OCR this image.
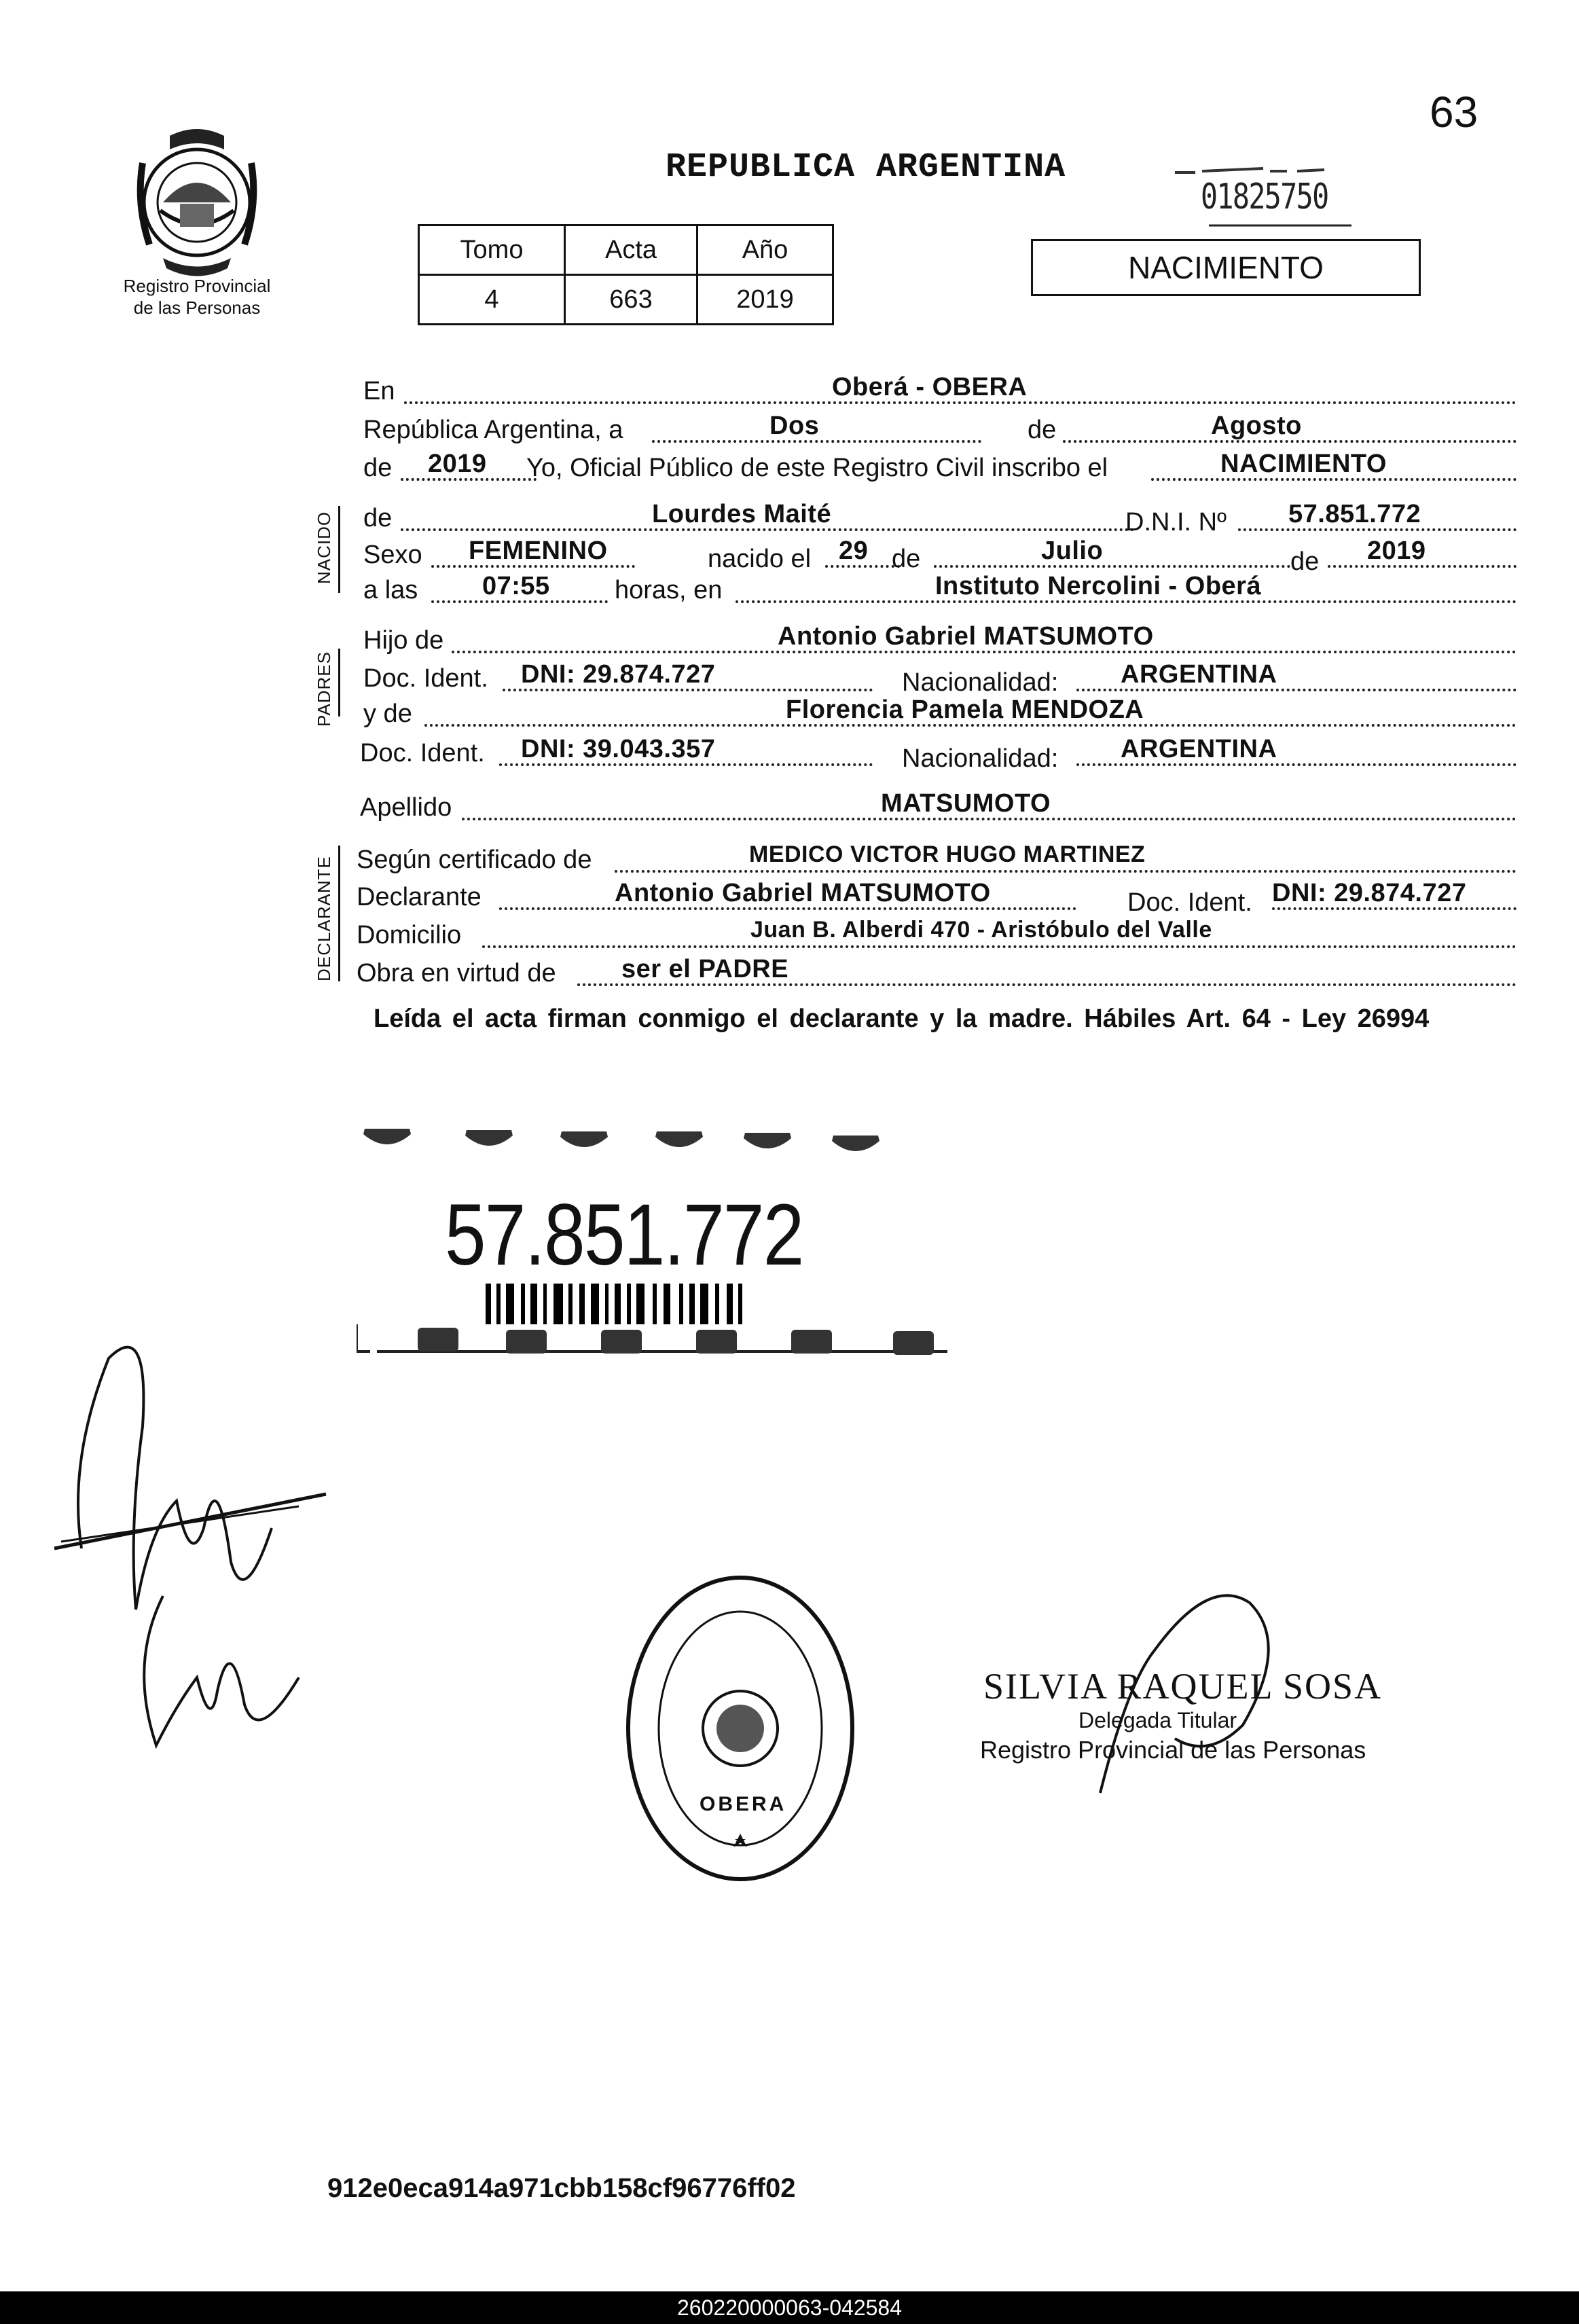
63
Registro Provincial
de las Personas
REPUBLICA ARGENTINA
01825750
Tomo	Acta	Año
4	663	2019
NACIMIENTO
En	Oberá - OBERA
República Argentina, a	Dos	de	Agosto
de 2019 Yo, Oficial Público de este Registro Civil inscribo el	NACIMIENTO
de	Lourdes Maité	D.N.I. Nº 57.851.772
Sexo FEMENINO	nacido el 29 de	Julio	de 2019
a las 07:55	horas, en	Instituto Nercolini - Oberá
Hijo de	Antonio Gabriel MATSUMOTO
Doc. Ident. DNI: 29.874.727	Nacionalidad: ARGENTINA
y de	Florencia Pamela MENDOZA
Doc. Ident. DNI: 39.043.357	Nacionalidad: ARGENTINA
Apellido	MATSUMOTO
Según certificado de	MEDICO VICTOR HUGO MARTINEZ
Declarante	Antonio Gabriel MATSUMOTO	Doc. Ident. DNI: 29.874.727
Domicilio	Juan B. Alberdi 470 - Aristóbulo del Valle
Obra en virtud de	ser el PADRE
NACIDO
PADRES
DECLARANTE
Leída el acta firman conmigo el declarante y la madre. Hábiles Art. 64 - Ley 26994
57.851.772
OBERA
SILVIA RAQUEL SOSA
Delegada Titular
Registro Provincial de las Personas
912e0eca914a971cbb158cf96776ff02
260220000063-042584
